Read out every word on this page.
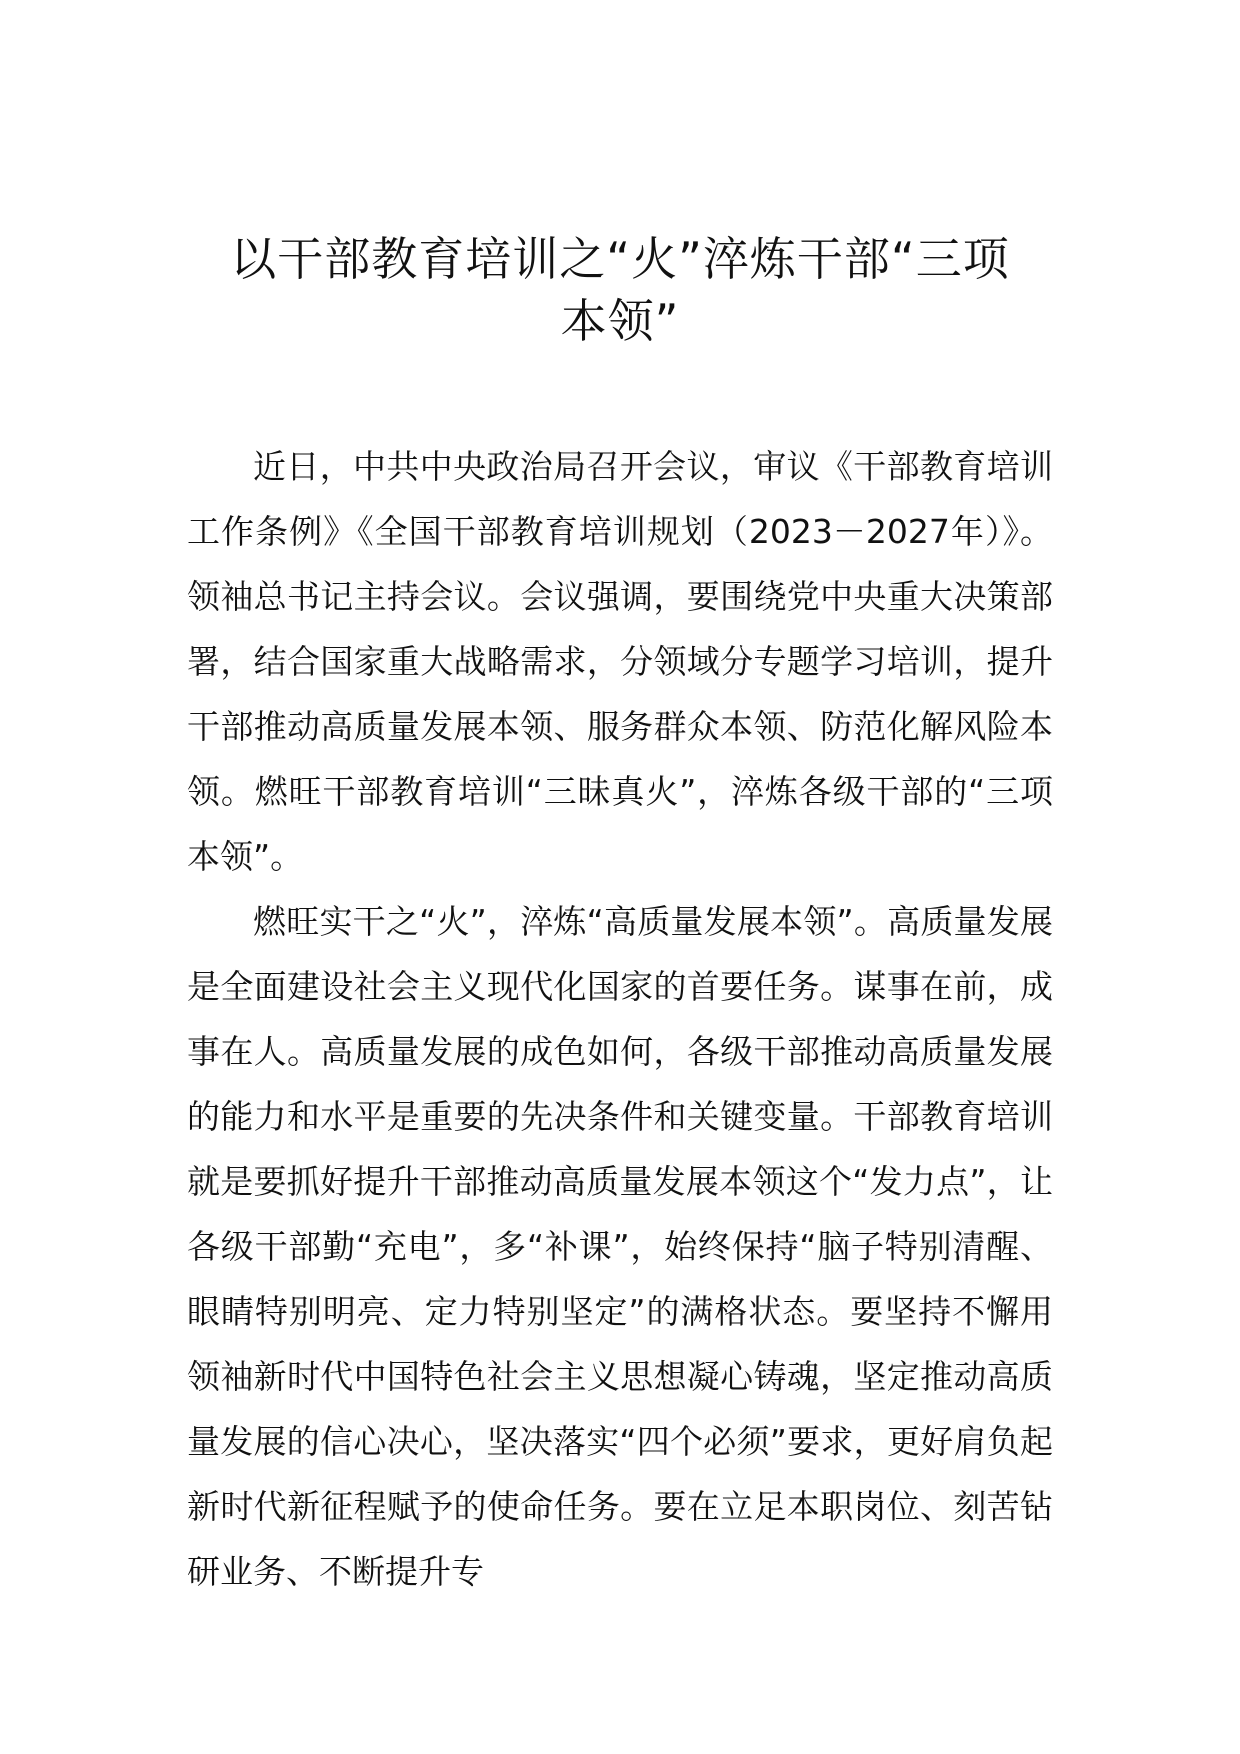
以干部教育培训之“火”淬炼干部“三项
本领”

近日，中共中央政治局召开会议，审议《干部教育培训工作条例》《全国干部教育培训规划（2023－2027年）》。领袖总书记主持会议。会议强调，要围绕党中央重大决策部署，结合国家重大战略需求，分领域分专题学习培训，提升干部推动高质量发展本领、服务群众本领、防范化解风险本领。燃旺干部教育培训“三昧真火”，淬炼各级干部的“三项本领”。

燃旺实干之“火”，淬炼“高质量发展本领”。高质量发展是全面建设社会主义现代化国家的首要任务。谋事在前，成事在人。高质量发展的成色如何，各级干部推动高质量发展的能力和水平是重要的先决条件和关键变量。干部教育培训就是要抓好提升干部推动高质量发展本领这个“发力点”，让各级干部勤“充电”，多“补课”，始终保持“脑子特别清醒、眼睛特别明亮、定力特别坚定”的满格状态。要坚持不懈用领袖新时代中国特色社会主义思想凝心铸魂，坚定推动高质量发展的信心决心，坚决落实“四个必须”要求，更好肩负起新时代新征程赋予的使命任务。要在立足本职岗位、刻苦钻研业务、不断提升专
